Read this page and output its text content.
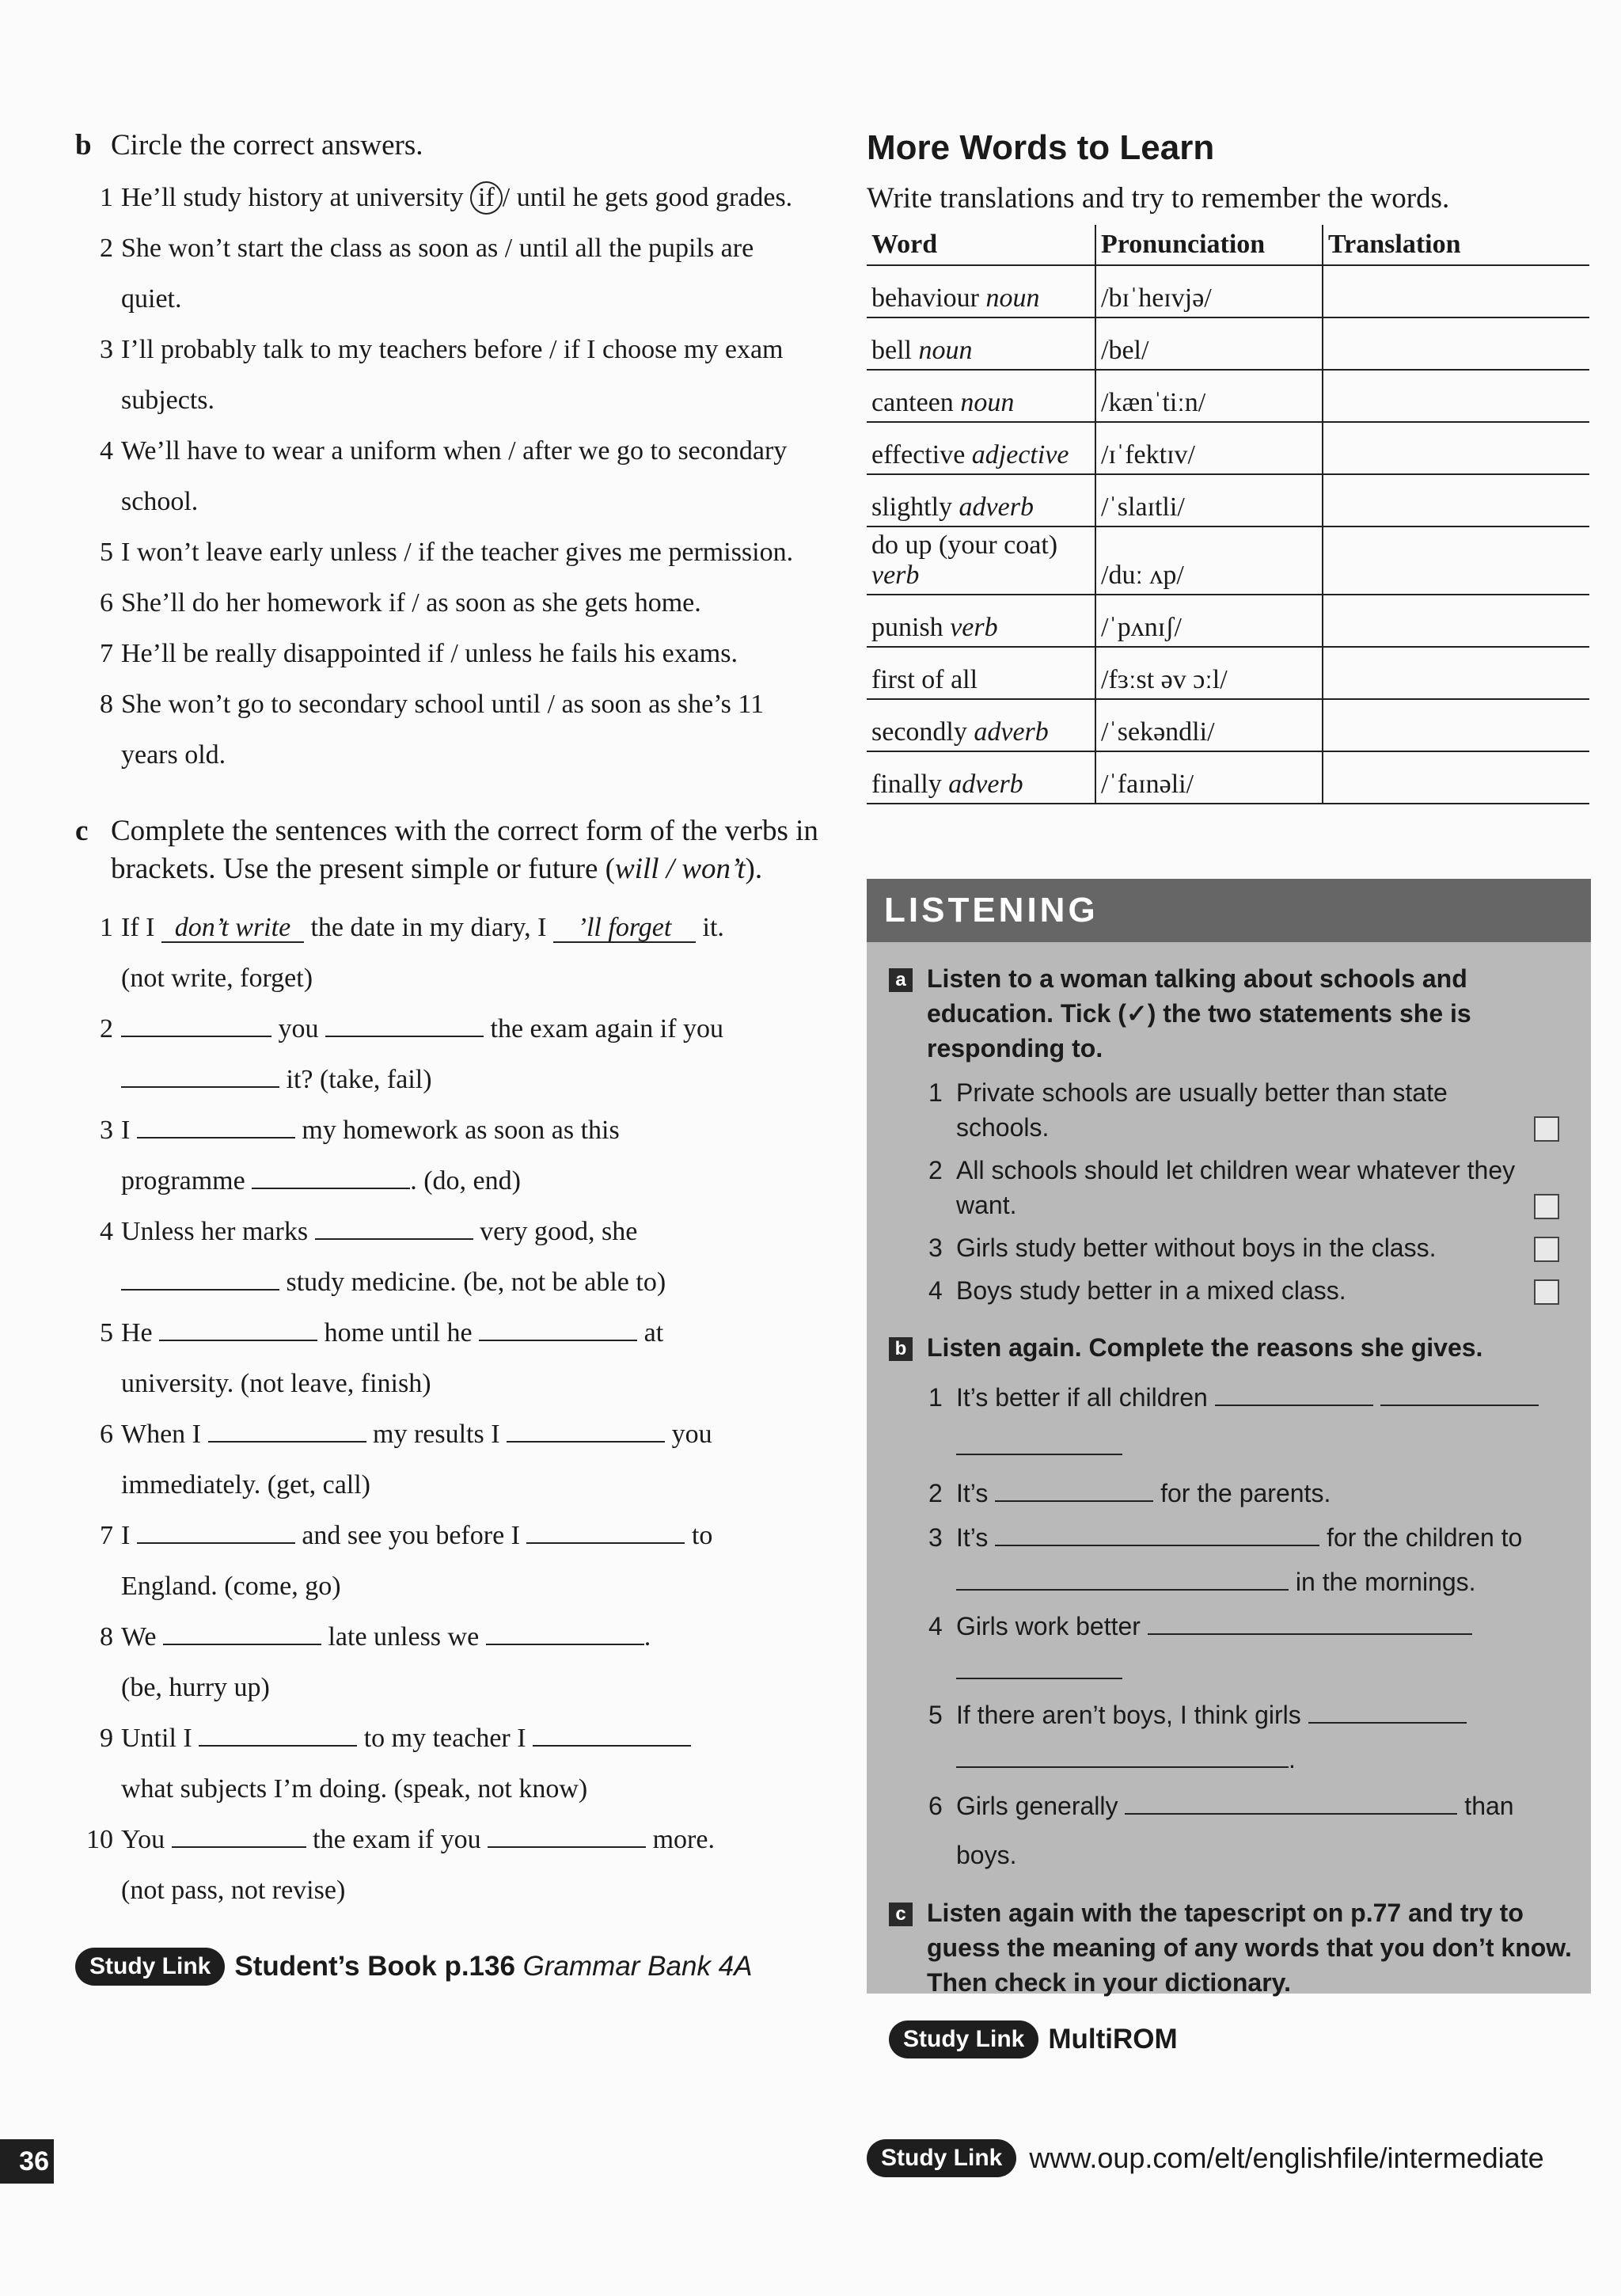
b Circle the correct answers.
1 He’ll study history at university if / until he gets good grades.
2 She won’t start the class as soon as / until all the pupils are quiet.
3 I’ll probably talk to my teachers before / if I choose my exam subjects.
4 We’ll have to wear a uniform when / after we go to secondary school.
5 I won’t leave early unless / if the teacher gives me permission.
6 She’ll do her homework if / as soon as she gets home.
7 He’ll be really disappointed if / unless he fails his exams.
8 She won’t go to secondary school until / as soon as she’s 11 years old.
c Complete the sentences with the correct form of the verbs in brackets. Use the present simple or future (will / won’t).
1 If I don’t write the date in my diary, I ’ll forget it.
(not write, forget)
2	you	the exam again if you
it? (take, fail)
3 I	my homework as soon as this
programme	. (do, end)
4 Unless her marks	very good, she
study medicine. (be, not be able to)
5 He	home until he	at
university. (not leave, finish)
6 When I	my results I	you
immediately. (get, call)
7 I	and see you before I	to
England. (come, go)
8 We	late unless we	.
(be, hurry up)
9 Until I	to my teacher I
what subjects I’m doing. (speak, not know)
10 You	the exam if you	more.
(not pass, not revise)
Study Link Student’s Book p.136 Grammar Bank 4A
More Words to Learn
Write translations and try to remember the words.
Word	Pronunciation	Translation
behaviour noun	/bɪˈheɪvjə/	
bell noun	/bel/	
canteen noun	/kænˈtiːn/	
effective adjective	/ɪˈfektɪv/	
slightly adverb	/ˈslaɪtli/	
do up (your coat) verb	/duː ʌp/	
punish verb	/ˈpʌnɪʃ/	
first of all	/fɜːst əv ɔːl/	
secondly adverb	/ˈsekəndli/	
finally adverb	/ˈfaɪnəli/	
LISTENING
a Listen to a woman talking about schools and education. Tick (✓) the two statements she is responding to.
1 Private schools are usually better than state schools.
2 All schools should let children wear whatever they want.
3 Girls study better without boys in the class.
4 Boys study better in a mixed class.
b Listen again. Complete the reasons she gives.
1 It’s better if all children

2 It’s	for the parents.
3 It’s	for the children to
in the mornings.
4 Girls work better

5 If there aren’t boys, I think girls
.
6 Girls generally	than boys.
c Listen again with the tapescript on p.77 and try to guess the meaning of any words that you don’t know. Then check in your dictionary.
Study Link MultiROM
36	Study Link www.oup.com/elt/englishfile/intermediate
